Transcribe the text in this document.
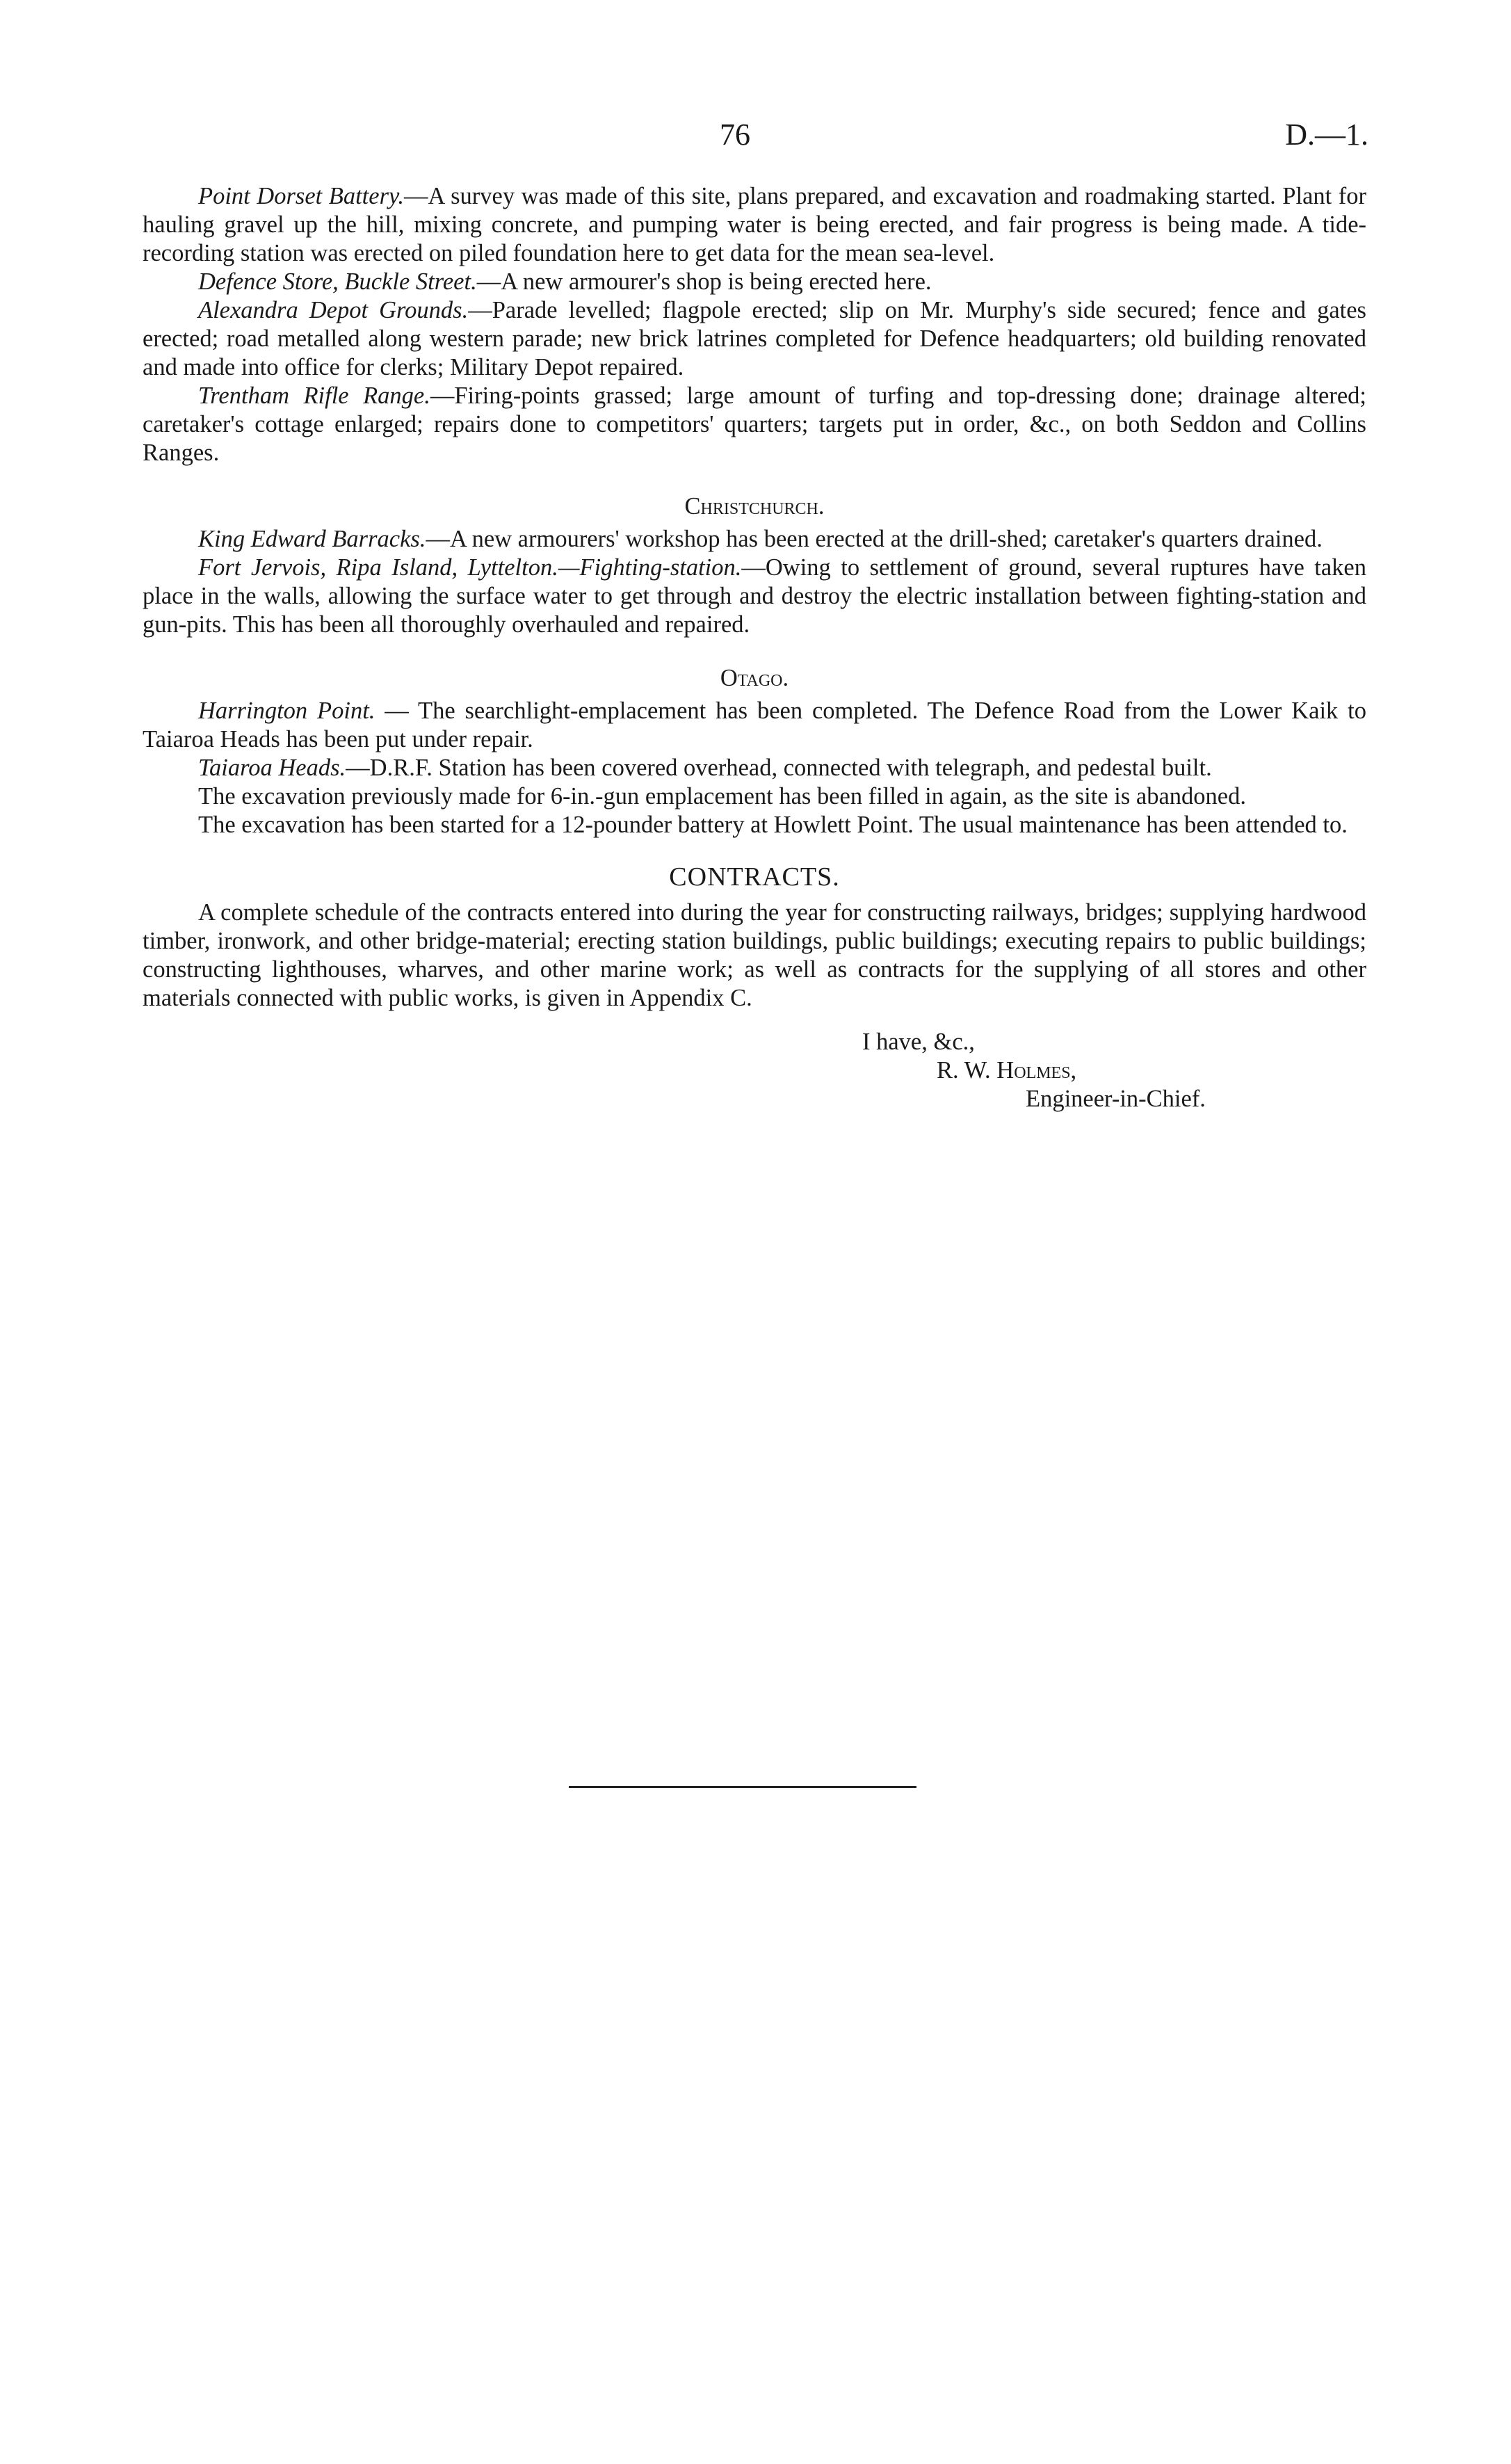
76	D.—1.

Point Dorset Battery.—A survey was made of this site, plans prepared, and excavation and roadmaking started. Plant for hauling gravel up the hill, mixing concrete, and pumping water is being erected, and fair progress is being made. A tide-recording station was erected on piled foundation here to get data for the mean sea-level.

Defence Store, Buckle Street.—A new armourer's shop is being erected here.

Alexandra Depot Grounds.—Parade levelled; flagpole erected; slip on Mr. Murphy's side secured; fence and gates erected; road metalled along western parade; new brick latrines completed for Defence headquarters; old building renovated and made into office for clerks; Military Depot repaired.

Trentham Rifle Range.—Firing-points grassed; large amount of turfing and top-dressing done; drainage altered; caretaker's cottage enlarged; repairs done to competitors' quarters; targets put in order, &c., on both Seddon and Collins Ranges.

Christchurch.

King Edward Barracks.—A new armourers' workshop has been erected at the drill-shed; caretaker's quarters drained.

Fort Jervois, Ripa Island, Lyttelton.—Fighting-station.—Owing to settlement of ground, several ruptures have taken place in the walls, allowing the surface water to get through and destroy the electric installation between fighting-station and gun-pits. This has been all thoroughly overhauled and repaired.

Otago.

Harrington Point. — The searchlight-emplacement has been completed. The Defence Road from the Lower Kaik to Taiaroa Heads has been put under repair.

Taiaroa Heads.—D.R.F. Station has been covered overhead, connected with telegraph, and pedestal built.

The excavation previously made for 6-in.-gun emplacement has been filled in again, as the site is abandoned.

The excavation has been started for a 12-pounder battery at Howlett Point. The usual maintenance has been attended to.

CONTRACTS.

A complete schedule of the contracts entered into during the year for constructing railways, bridges; supplying hardwood timber, ironwork, and other bridge-material; erecting station buildings, public buildings; executing repairs to public buildings; constructing lighthouses, wharves, and other marine work; as well as contracts for the supplying of all stores and other materials connected with public works, is given in Appendix C.

I have, &c.,
R. W. Holmes,
Engineer-in-Chief.
